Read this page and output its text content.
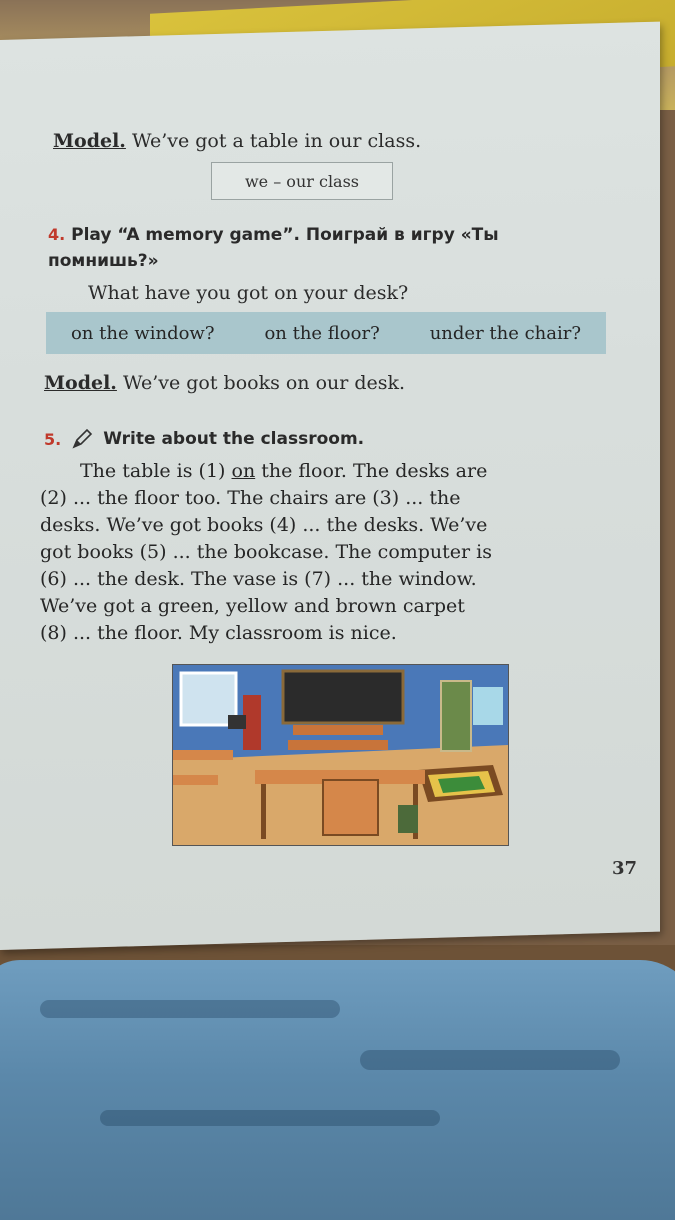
Model. We’ve got a table in our class.
we – our class
4. Play “A memory game”. Поиграй в игру «Ты помнишь?»
What have you got on your desk?
on the window?	on the floor?	under the chair?
Model. We’ve got books on our desk.
5. Write about the classroom.

The table is (1) on the floor. The desks are

(2) ... the floor too. The chairs are (3) ... the

desks. We’ve got books (4) ... the desks. We’ve

got books (5) ... the bookcase. The computer is

(6) ... the desk. The vase is (7) ... the window.

We’ve got a green, yellow and brown carpet

(8) ... the floor. My classroom is nice.

37
